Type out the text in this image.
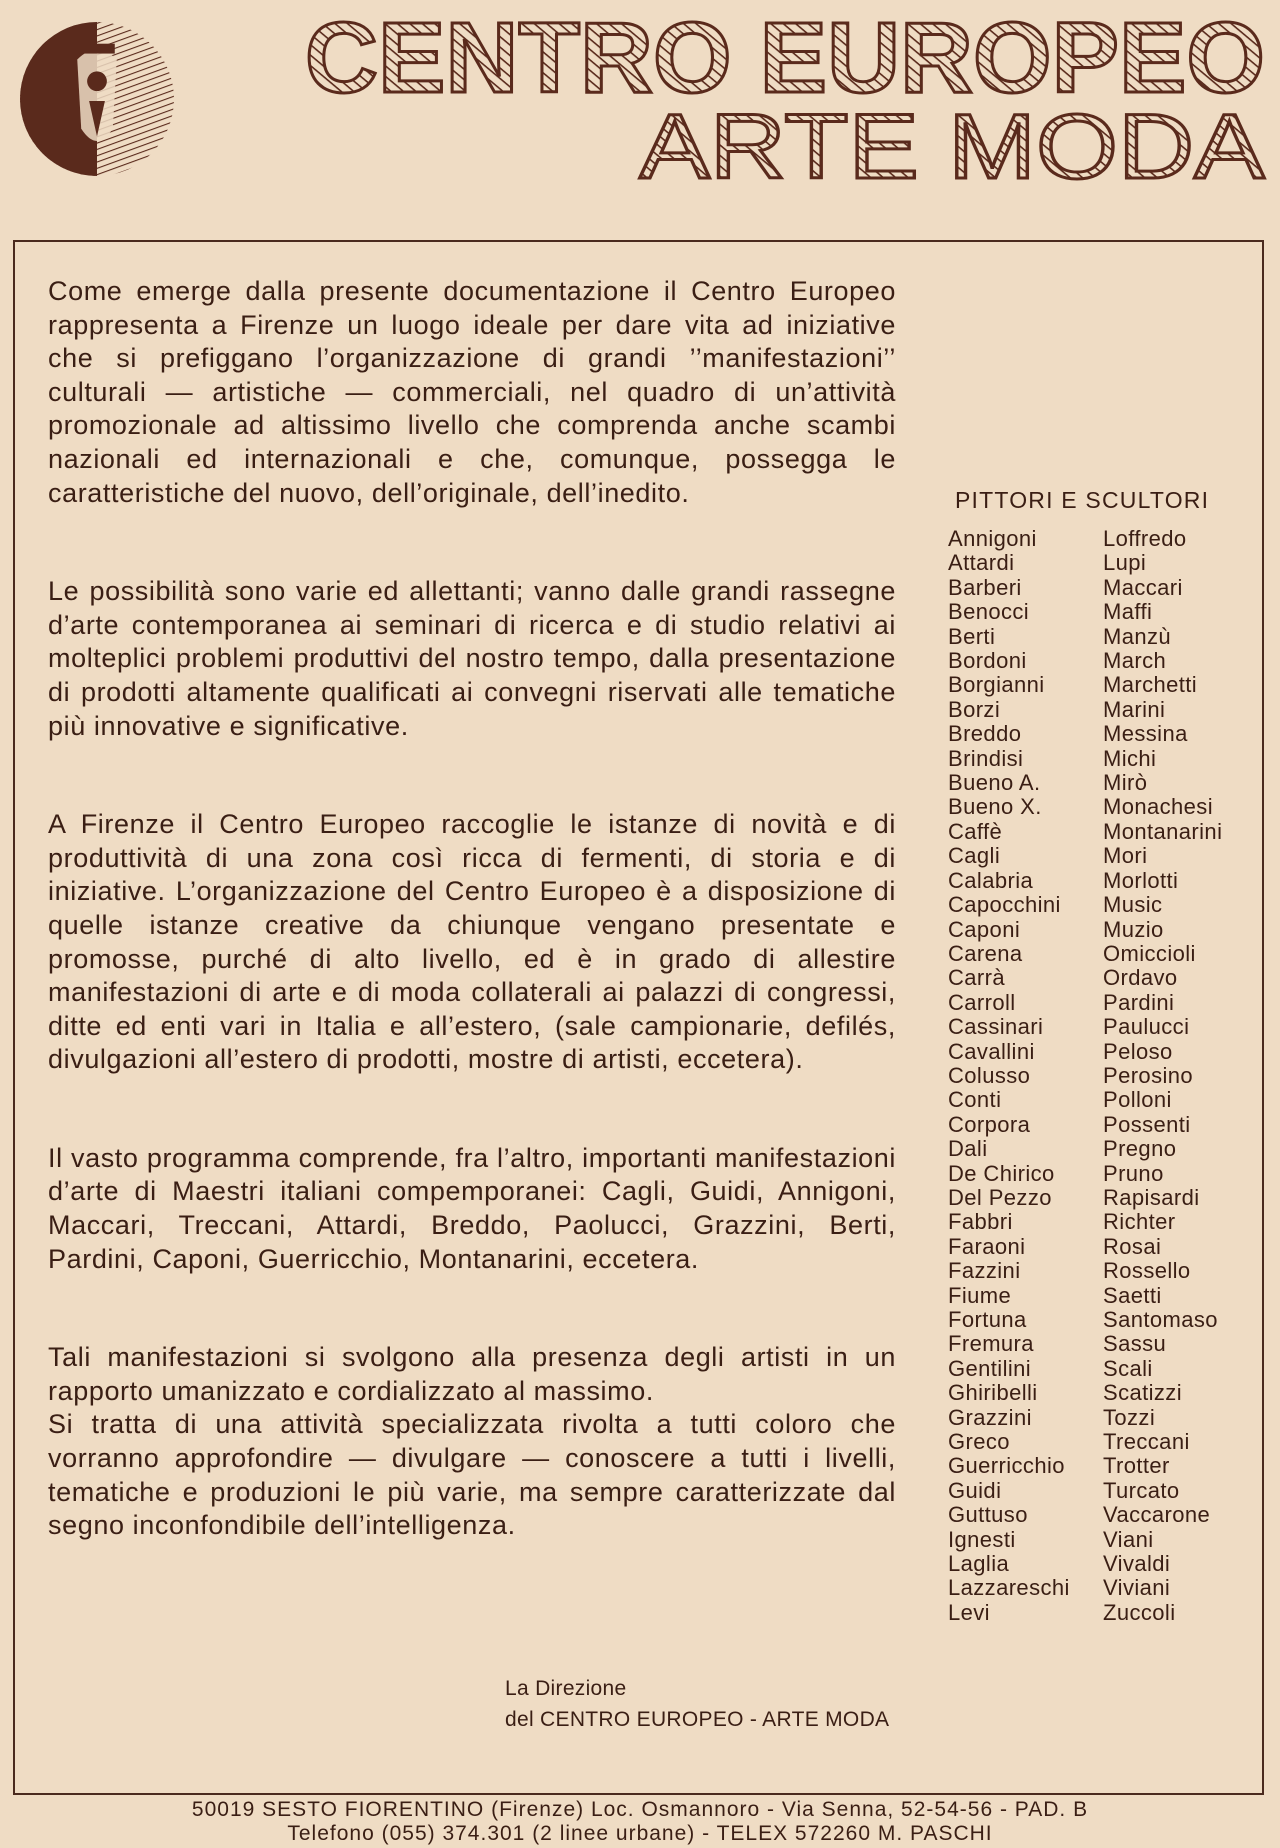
CENTRO EUROPEO
ARTE MODA

Come emerge dalla presente documentazione il Centro Europeo rappresenta a Firenze un luogo ideale per dare vita ad iniziative che si prefiggano l’organizzazione di grandi ’’manifestazioni’’ culturali — artistiche — commerciali, nel quadro di un’attività promozionale ad altissimo livello che comprenda anche scambi nazionali ed internazionali e che, comunque, possegga le caratteristiche del nuovo, dell’originale, dell’inedito.

Le possibilità sono varie ed allettanti; vanno dalle grandi rassegne d’arte contemporanea ai seminari di ricerca e di studio relativi ai molteplici problemi produttivi del nostro tempo, dalla presentazione di prodotti altamente qualificati ai convegni riservati alle tematiche più innovative e significative.

A Firenze il Centro Europeo raccoglie le istanze di novità e di produttività di una zona così ricca di fermenti, di storia e di iniziative. L’organizzazione del Centro Europeo è a disposizione di quelle istanze creative da chiunque vengano presentate e promosse, purché di alto livello, ed è in grado di allestire manifestazioni di arte e di moda collaterali ai palazzi di congressi, ditte ed enti vari in Italia e all’estero, (sale campionarie, defilés, divulgazioni all’estero di prodotti, mostre di artisti, eccetera).

Il vasto programma comprende, fra l’altro, importanti manifestazioni d’arte di Maestri italiani compemporanei: Cagli, Guidi, Annigoni, Maccari, Treccani, Attardi, Breddo, Paolucci, Grazzini, Berti, Pardini, Caponi, Guerricchio, Montanarini, eccetera.

Tali manifestazioni si svolgono alla presenza degli artisti in un rapporto umanizzato e cordializzato al massimo.

Si tratta di una attività specializzata rivolta a tutti coloro che vorranno approfondire — divulgare — conoscere a tutti i livelli, tematiche e produzioni le più varie, ma sempre caratterizzate dal segno inconfondibile dell’intelligenza.

PITTORI E SCULTORI
Annigoni
Attardi
Barberi
Benocci
Berti
Bordoni
Borgianni
Borzi
Breddo
Brindisi
Bueno A.
Bueno X.
Caffè
Cagli
Calabria
Capocchini
Caponi
Carena
Carrà
Carroll
Cassinari
Cavallini
Colusso
Conti
Corpora
Dali
De Chirico
Del Pezzo
Fabbri
Faraoni
Fazzini
Fiume
Fortuna
Fremura
Gentilini
Ghiribelli
Grazzini
Greco
Guerricchio
Guidi
Guttuso
Ignesti
Laglia
Lazzareschi
Levi
Loffredo
Lupi
Maccari
Maffi
Manzù
March
Marchetti
Marini
Messina
Michi
Mirò
Monachesi
Montanarini
Mori
Morlotti
Music
Muzio
Omiccioli
Ordavo
Pardini
Paulucci
Peloso
Perosino
Polloni
Possenti
Pregno
Pruno
Rapisardi
Richter
Rosai
Rossello
Saetti
Santomaso
Sassu
Scali
Scatizzi
Tozzi
Treccani
Trotter
Turcato
Vaccarone
Viani
Vivaldi
Viviani
Zuccoli
La Direzione
del CENTRO EUROPEO - ARTE MODA
50019 SESTO FIORENTINO (Firenze) Loc. Osmannoro - Via Senna, 52-54-56 - PAD. B
Telefono (055) 374.301 (2 linee urbane) - TELEX 572260 M. PASCHI
